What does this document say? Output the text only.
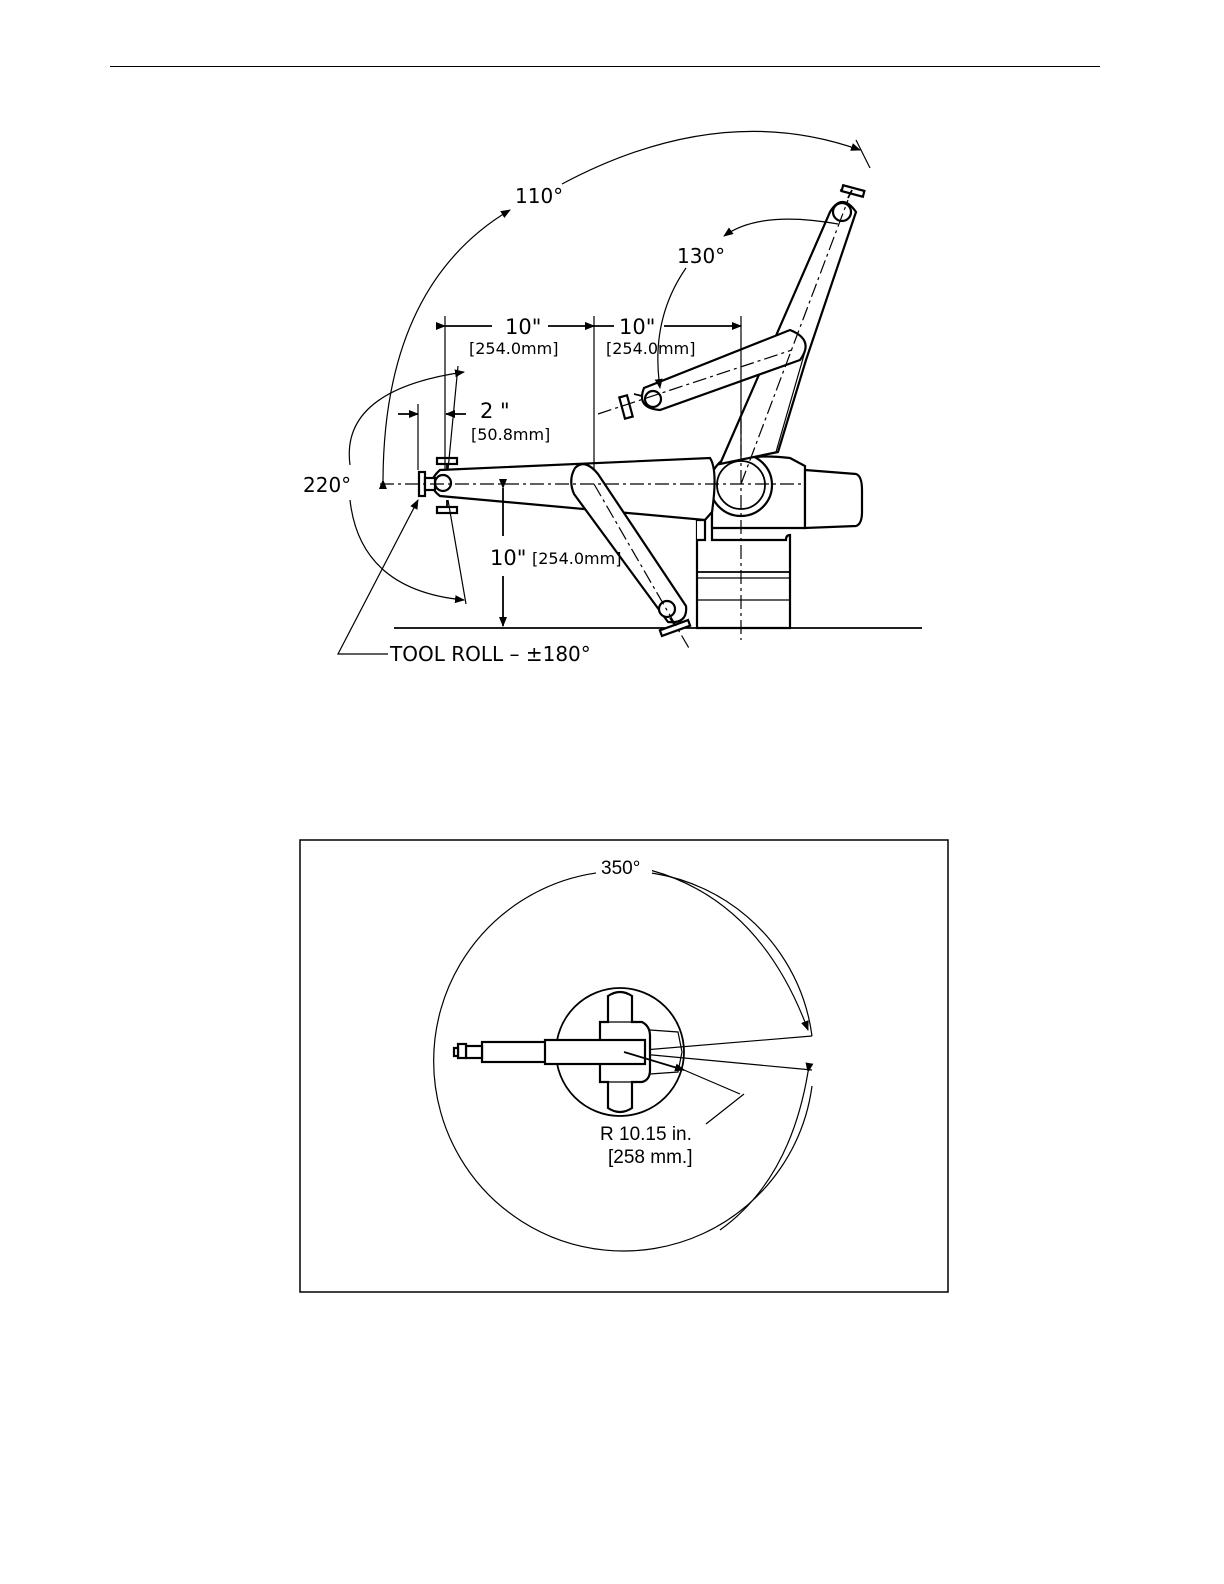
110°
130°
220°
10"
[254.0mm]
10"
[254.0mm]
2 "
[50.8mm]
10" [254.0mm]
TOOL ROLL – ±180°
350°
R 10.15 in.
[258 mm.]
